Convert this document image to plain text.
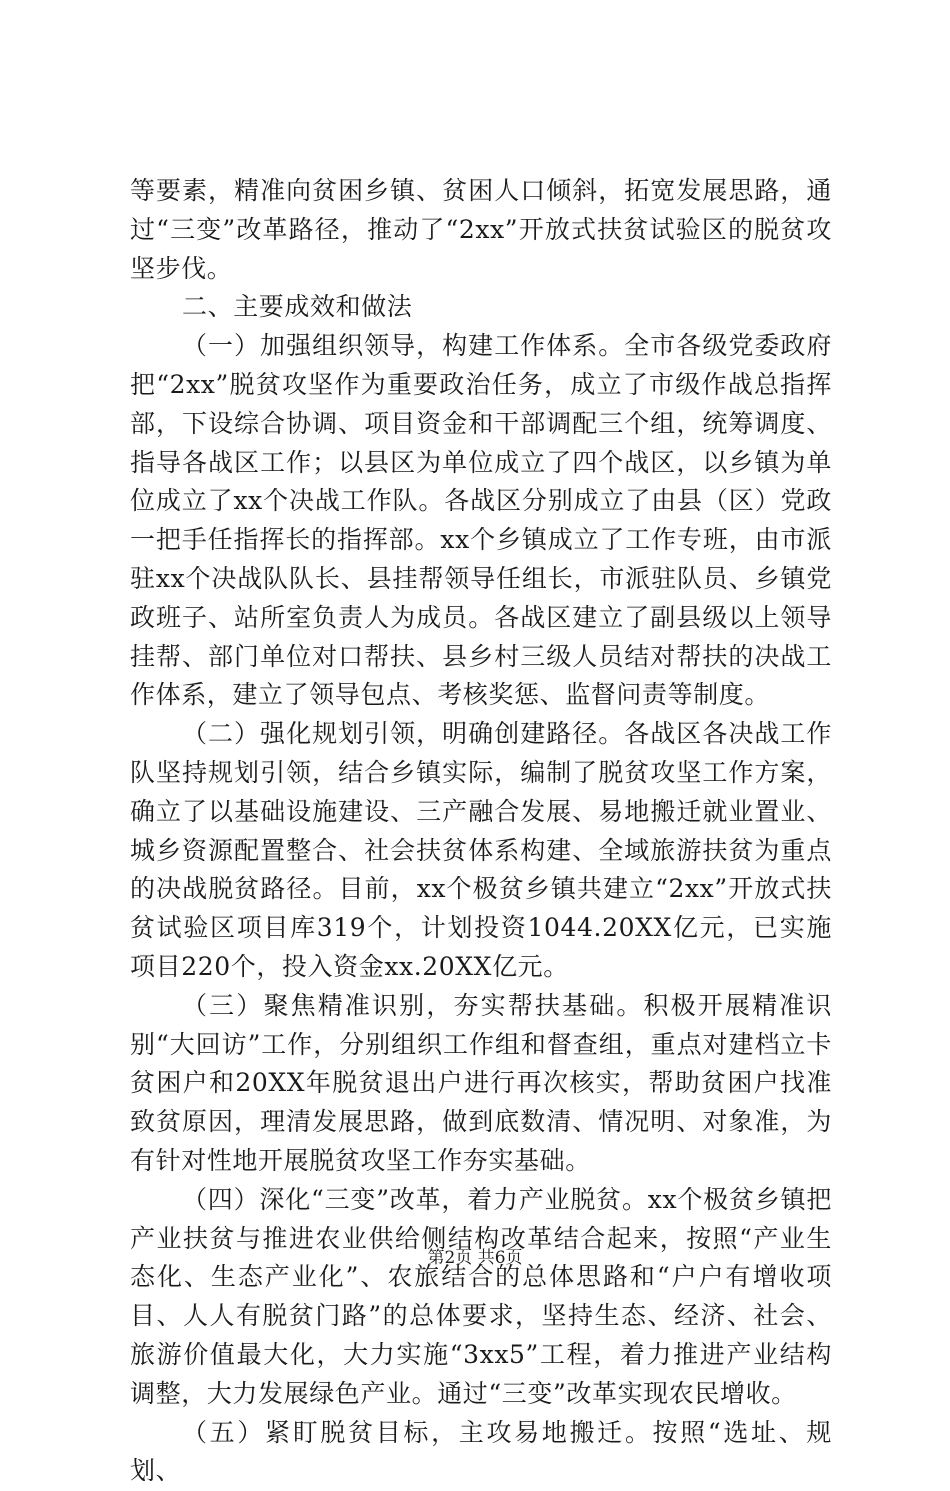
等要素，精准向贫困乡镇、贫困人口倾斜，拓宽发展思路，通过“三变”改革路径，推动了“2xx”开放式扶贫试验区的脱贫攻坚步伐。

二、主要成效和做法

（一）加强组织领导，构建工作体系。全市各级党委政府把“2xx”脱贫攻坚作为重要政治任务，成立了市级作战总指挥部，下设综合协调、项目资金和干部调配三个组，统筹调度、指导各战区工作；以县区为单位成立了四个战区，以乡镇为单位成立了xx个决战工作队。各战区分别成立了由县（区）党政一把手任指挥长的指挥部。xx个乡镇成立了工作专班，由市派驻xx个决战队队长、县挂帮领导任组长，市派驻队员、乡镇党政班子、站所室负责人为成员。各战区建立了副县级以上领导挂帮、部门单位对口帮扶、县乡村三级人员结对帮扶的决战工作体系，建立了领导包点、考核奖惩、监督问责等制度。

（二）强化规划引领，明确创建路径。各战区各决战工作队坚持规划引领，结合乡镇实际，编制了脱贫攻坚工作方案，确立了以基础设施建设、三产融合发展、易地搬迁就业置业、城乡资源配置整合、社会扶贫体系构建、全域旅游扶贫为重点的决战脱贫路径。目前，xx个极贫乡镇共建立“2xx”开放式扶贫试验区项目库319个，计划投资1044.20XX亿元，已实施项目220个，投入资金xx.20XX亿元。

（三）聚焦精准识别，夯实帮扶基础。积极开展精准识别“大回访”工作，分别组织工作组和督查组，重点对建档立卡贫困户和20XX年脱贫退出户进行再次核实，帮助贫困户找准致贫原因，理清发展思路，做到底数清、情况明、对象准，为有针对性地开展脱贫攻坚工作夯实基础。

（四）深化“三变”改革，着力产业脱贫。xx个极贫乡镇把产业扶贫与推进农业供给侧结构改革结合起来，按照“产业生态化、生态产业化”、农旅结合的总体思路和“户户有增收项目、人人有脱贫门路”的总体要求，坚持生态、经济、社会、旅游价值最大化，大力实施“3xx5”工程，着力推进产业结构调整，大力发展绿色产业。通过“三变”改革实现农民增收。

（五）紧盯脱贫目标，主攻易地搬迁。按照“选址、规划、

第2页 共6页
